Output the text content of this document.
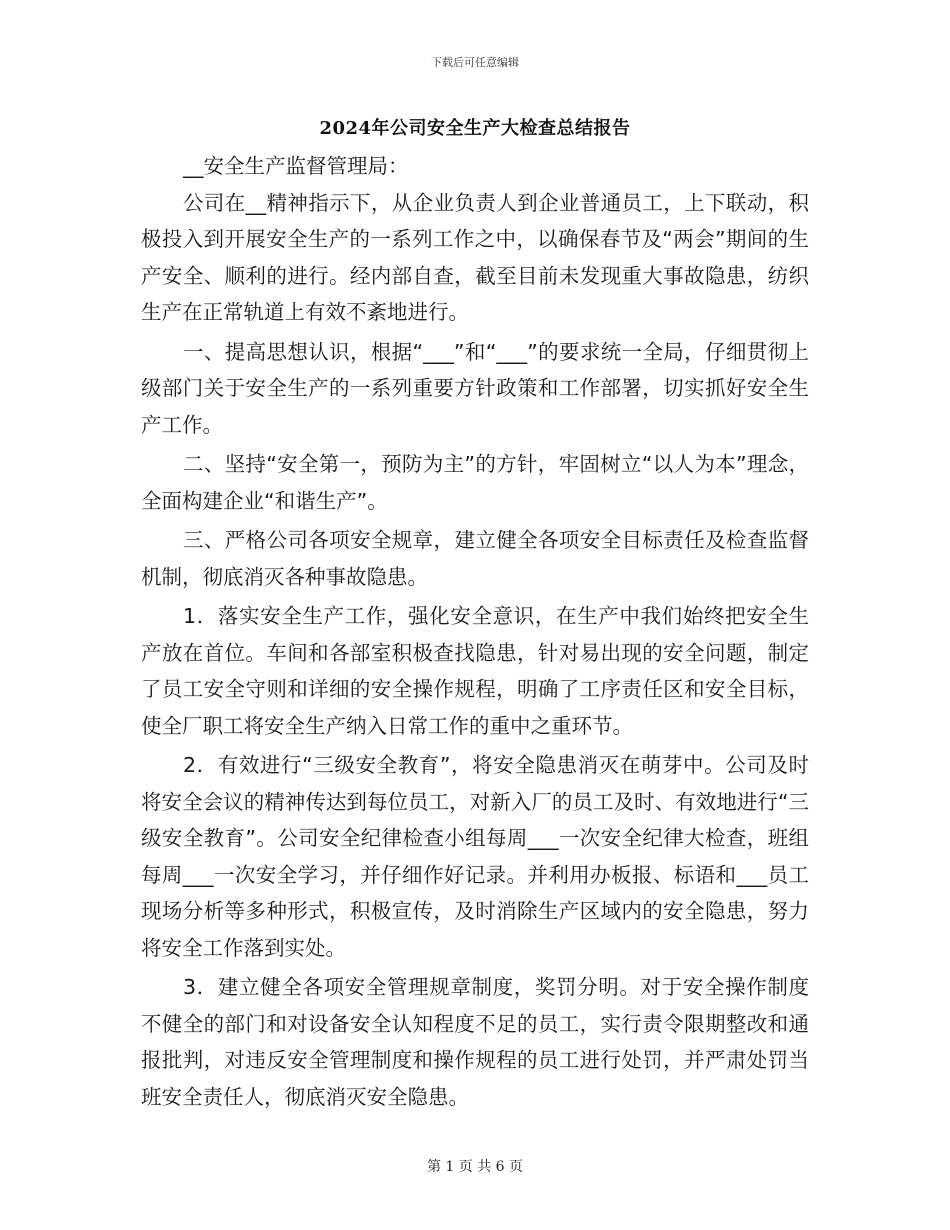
下载后可任意编辑
2024年公司安全生产大检查总结报告

__安全生产监督管理局：

公司在__精神指示下，从企业负责人到企业普通员工，上下联动，积极投入到开展安全生产的一系列工作之中，以确保春节及“两会”期间的生产安全、顺利的进行。经内部自查，截至目前未发现重大事故隐患，纺织生产在正常轨道上有效不紊地进行。

一、提高思想认识，根据“___”和“___”的要求统一全局，仔细贯彻上级部门关于安全生产的一系列重要方针政策和工作部署，切实抓好安全生产工作。

二、坚持“安全第一，预防为主”的方针，牢固树立“以人为本”理念，全面构建企业“和谐生产”。

三、严格公司各项安全规章，建立健全各项安全目标责任及检查监督机制，彻底消灭各种事故隐患。

1．落实安全生产工作，强化安全意识，在生产中我们始终把安全生产放在首位。车间和各部室积极查找隐患，针对易出现的安全问题，制定了员工安全守则和详细的安全操作规程，明确了工序责任区和安全目标，使全厂职工将安全生产纳入日常工作的重中之重环节。

2．有效进行“三级安全教育”，将安全隐患消灭在萌芽中。公司及时将安全会议的精神传达到每位员工，对新入厂的员工及时、有效地进行“三级安全教育”。公司安全纪律检查小组每周___一次安全纪律大检查，班组每周___一次安全学习，并仔细作好记录。并利用办板报、标语和___员工现场分析等多种形式，积极宣传，及时消除生产区域内的安全隐患，努力将安全工作落到实处。

3．建立健全各项安全管理规章制度，奖罚分明。对于安全操作制度不健全的部门和对设备安全认知程度不足的员工，实行责令限期整改和通报批判，对违反安全管理制度和操作规程的员工进行处罚，并严肃处罚当班安全责任人，彻底消灭安全隐患。

第 1 页 共 6 页
